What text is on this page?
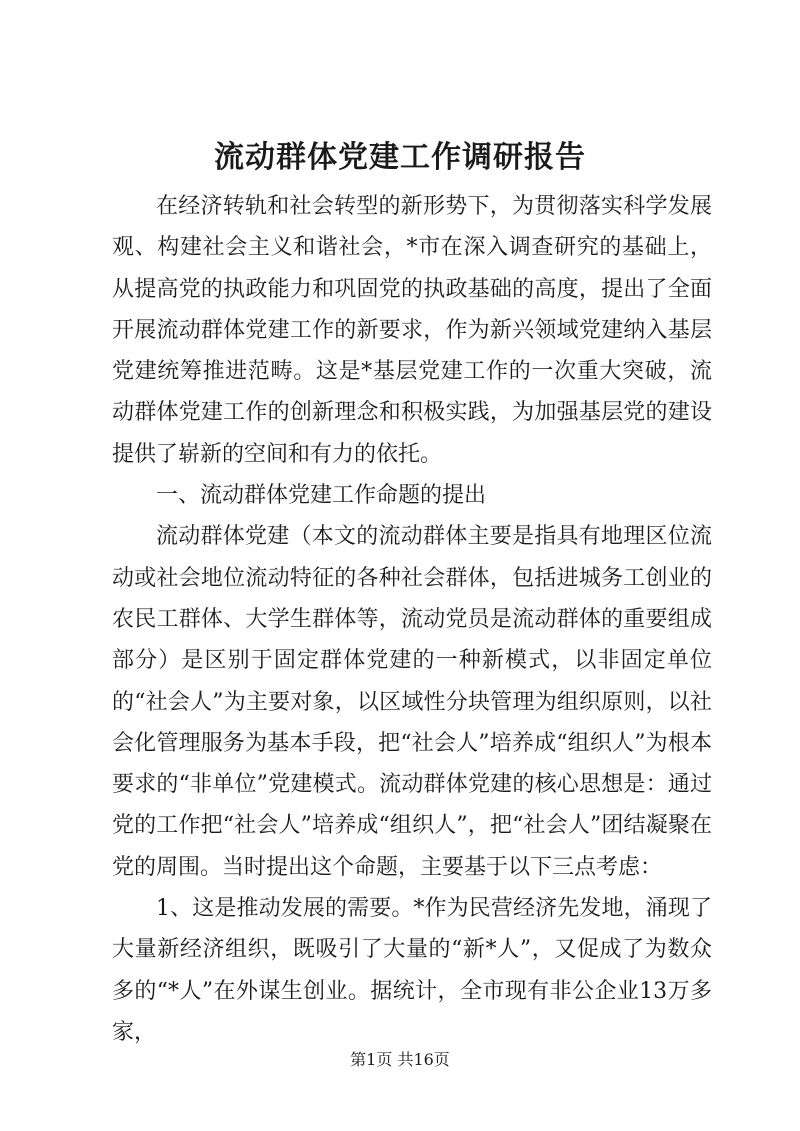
流动群体党建工作调研报告

在经济转轨和社会转型的新形势下，为贯彻落实科学发展观、构建社会主义和谐社会，*市在深入调查研究的基础上，从提高党的执政能力和巩固党的执政基础的高度，提出了全面开展流动群体党建工作的新要求，作为新兴领域党建纳入基层党建统筹推进范畴。这是*基层党建工作的一次重大突破，流动群体党建工作的创新理念和积极实践，为加强基层党的建设提供了崭新的空间和有力的依托。

一、流动群体党建工作命题的提出

流动群体党建（本文的流动群体主要是指具有地理区位流动或社会地位流动特征的各种社会群体，包括进城务工创业的农民工群体、大学生群体等，流动党员是流动群体的重要组成部分）是区别于固定群体党建的一种新模式，以非固定单位的“社会人”为主要对象，以区域性分块管理为组织原则，以社会化管理服务为基本手段，把“社会人”培养成“组织人”为根本要求的“非单位”党建模式。流动群体党建的核心思想是：通过党的工作把“社会人”培养成“组织人”，把“社会人”团结凝聚在党的周围。当时提出这个命题，主要基于以下三点考虑：

1、这是推动发展的需要。*作为民营经济先发地，涌现了大量新经济组织，既吸引了大量的“新*人”，又促成了为数众多的“*人”在外谋生创业。据统计，全市现有非公企业13万多家，

第1页 共16页
